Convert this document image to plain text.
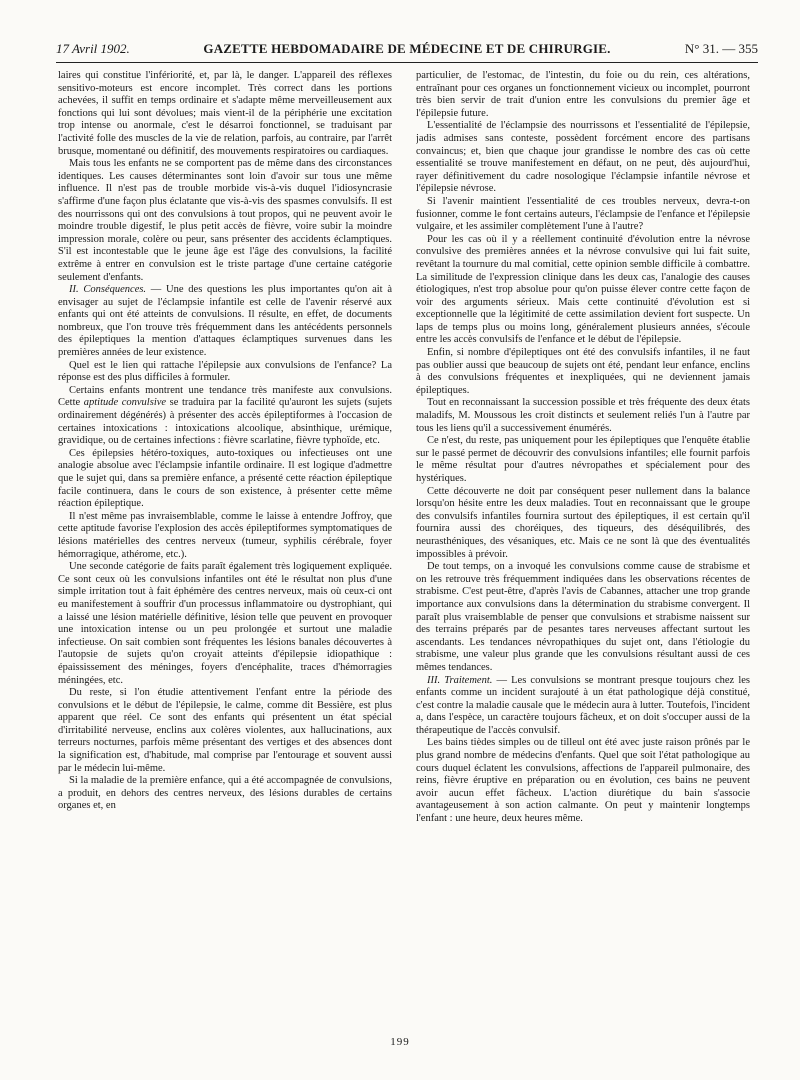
17 Avril 1902.	GAZETTE HEBDOMADAIRE DE MÉDECINE ET DE CHIRURGIE.	N° 31. — 355

laires qui constitue l'infériorité, et, par là, le danger. L'appareil des réflexes sensitivo-moteurs est encore incomplet. Très correct dans les portions achevées, il suffit en temps ordinaire et s'adapte même merveilleusement aux fonctions qui lui sont dévolues; mais vient-il de la périphérie une excitation trop intense ou anormale, c'est le désarroi fonctionnel, se traduisant par l'activité folle des muscles de la vie de relation, parfois, au contraire, par l'arrêt brusque, momentané ou définitif, des mouvements respiratoires ou cardiaques.

Mais tous les enfants ne se comportent pas de même dans des circonstances identiques. Les causes déterminantes sont loin d'avoir sur tous une même influence. Il n'est pas de trouble morbide vis-à-vis duquel l'idiosyncrasie s'affirme d'une façon plus éclatante que vis-à-vis des spasmes convulsifs. Il est des nourrissons qui ont des convulsions à tout propos, qui ne peuvent avoir le moindre trouble digestif, le plus petit accès de fièvre, voire subir la moindre impression morale, colère ou peur, sans présenter des accidents éclamptiques. S'il est incontestable que le jeune âge est l'âge des convulsions, la facilité extrême à entrer en convulsion est le triste partage d'une certaine catégorie seulement d'enfants.

II. Conséquences. — Une des questions les plus importantes qu'on ait à envisager au sujet de l'éclampsie infantile est celle de l'avenir réservé aux enfants qui ont été atteints de convulsions. Il résulte, en effet, de documents nombreux, que l'on trouve très fréquemment dans les antécédents personnels des épileptiques la mention d'attaques éclamptiques survenues dans les premières années de leur existence.

Quel est le lien qui rattache l'épilepsie aux convulsions de l'enfance? La réponse est des plus difficiles à formuler.

Certains enfants montrent une tendance très manifeste aux convulsions. Cette aptitude convulsive se traduira par la facilité qu'auront les sujets (sujets ordinairement dégénérés) à présenter des accès épileptiformes à l'occasion de certaines intoxications : intoxications alcoolique, absinthique, urémique, gravidique, ou de certaines infections : fièvre scarlatine, fièvre typhoïde, etc.

Ces épilepsies hétéro-toxiques, auto-toxiques ou infectieuses ont une analogie absolue avec l'éclampsie infantile ordinaire. Il est logique d'admettre que le sujet qui, dans sa première enfance, a présenté cette réaction épileptique facile continuera, dans le cours de son existence, à présenter cette même réaction épileptique.

Il n'est même pas invraisemblable, comme le laisse à entendre Joffroy, que cette aptitude favorise l'explosion des accès épileptiformes symptomatiques de lésions matérielles des centres nerveux (tumeur, syphilis cérébrale, foyer hémorragique, athérome, etc.).

Une seconde catégorie de faits paraît également très logiquement expliquée. Ce sont ceux où les convulsions infantiles ont été le résultat non plus d'une simple irritation tout à fait éphémère des centres nerveux, mais où ceux-ci ont eu manifestement à souffrir d'un processus inflammatoire ou dystrophiant, qui a laissé une lésion matérielle définitive, lésion telle que peuvent en provoquer une intoxication intense ou un peu prolongée et surtout une maladie infectieuse. On sait combien sont fréquentes les lésions banales découvertes à l'autopsie de sujets qu'on croyait atteints d'épilepsie idiopathique : épaississement des méninges, foyers d'encéphalite, traces d'hémorragies méningées, etc.

Du reste, si l'on étudie attentivement l'enfant entre la période des convulsions et le début de l'épilepsie, le calme, comme dit Bessière, est plus apparent que réel. Ce sont des enfants qui présentent un état spécial d'irritabilité nerveuse, enclins aux colères violentes, aux hallucinations, aux terreurs nocturnes, parfois même présentant des vertiges et des absences dont la signification est, d'habitude, mal comprise par l'entourage et souvent aussi par le médecin lui-même.

Si la maladie de la première enfance, qui a été accompagnée de convulsions, a produit, en dehors des centres nerveux, des lésions durables de certains organes et, en

particulier, de l'estomac, de l'intestin, du foie ou du rein, ces altérations, entraînant pour ces organes un fonctionnement vicieux ou incomplet, pourront très bien servir de trait d'union entre les convulsions du premier âge et l'épilepsie future.

L'essentialité de l'éclampsie des nourrissons et l'essentialité de l'épilepsie, jadis admises sans conteste, possèdent forcément encore des partisans convaincus; et, bien que chaque jour grandisse le nombre des cas où cette essentialité se trouve manifestement en défaut, on ne peut, dès aujourd'hui, rayer définitivement du cadre nosologique l'éclampsie infantile névrose et l'épilepsie névrose.

Si l'avenir maintient l'essentialité de ces troubles nerveux, devra-t-on fusionner, comme le font certains auteurs, l'éclampsie de l'enfance et l'épilepsie vulgaire, et les assimiler complètement l'une à l'autre?

Pour les cas où il y a réellement continuité d'évolution entre la névrose convulsive des premières années et la névrose convulsive qui lui fait suite, revêtant la tournure du mal comitial, cette opinion semble difficile à combattre. La similitude de l'expression clinique dans les deux cas, l'analogie des causes étiologiques, n'est trop absolue pour qu'on puisse élever contre cette façon de voir des arguments sérieux. Mais cette continuité d'évolution est si exceptionnelle que la légitimité de cette assimilation devient fort suspecte. Un laps de temps plus ou moins long, généralement plusieurs années, s'écoule entre les accès convulsifs de l'enfance et le début de l'épilepsie.

Enfin, si nombre d'épileptiques ont été des convulsifs infantiles, il ne faut pas oublier aussi que beaucoup de sujets ont été, pendant leur enfance, enclins à des convulsions fréquentes et inexpliquées, qui ne deviennent jamais épileptiques.

Tout en reconnaissant la succession possible et très fréquente des deux états maladifs, M. Moussous les croit distincts et seulement reliés l'un à l'autre par tous les liens qu'il a successivement énumérés.

Ce n'est, du reste, pas uniquement pour les épileptiques que l'enquête établie sur le passé permet de découvrir des convulsions infantiles; elle fournit parfois le même résultat pour d'autres névropathes et spécialement pour des hystériques.

Cette découverte ne doit par conséquent peser nullement dans la balance lorsqu'on hésite entre les deux maladies. Tout en reconnaissant que le groupe des convulsifs infantiles fournira surtout des épileptiques, il est certain qu'il fournira aussi des choréiques, des tiqueurs, des déséquilibrés, des neurasthéniques, des vésaniques, etc. Mais ce ne sont là que des éventualités impossibles à prévoir.

De tout temps, on a invoqué les convulsions comme cause de strabisme et on les retrouve très fréquemment indiquées dans les observations récentes de strabisme. C'est peut-être, d'après l'avis de Cabannes, attacher une trop grande importance aux convulsions dans la détermination du strabisme convergent. Il paraît plus vraisemblable de penser que convulsions et strabisme naissent sur des terrains préparés par de pesantes tares nerveuses affectant surtout les ascendants. Les tendances névropathiques du sujet ont, dans l'étiologie du strabisme, une valeur plus grande que les convulsions résultant aussi de ces mêmes tendances.

III. Traitement. — Les convulsions se montrant presque toujours chez les enfants comme un incident surajouté à un état pathologique déjà constitué, c'est contre la maladie causale que le médecin aura à lutter. Toutefois, l'incident a, dans l'espèce, un caractère toujours fâcheux, et on doit s'occuper aussi de la thérapeutique de l'accès convulsif.

Les bains tièdes simples ou de tilleul ont été avec juste raison prônés par le plus grand nombre de médecins d'enfants. Quel que soit l'état pathologique au cours duquel éclatent les convulsions, affections de l'appareil pulmonaire, des reins, fièvre éruptive en préparation ou en évolution, ces bains ne peuvent avoir aucun effet fâcheux. L'action diurétique du bain s'associe avantageusement à son action calmante. On peut y maintenir longtemps l'enfant : une heure, deux heures même.

199
